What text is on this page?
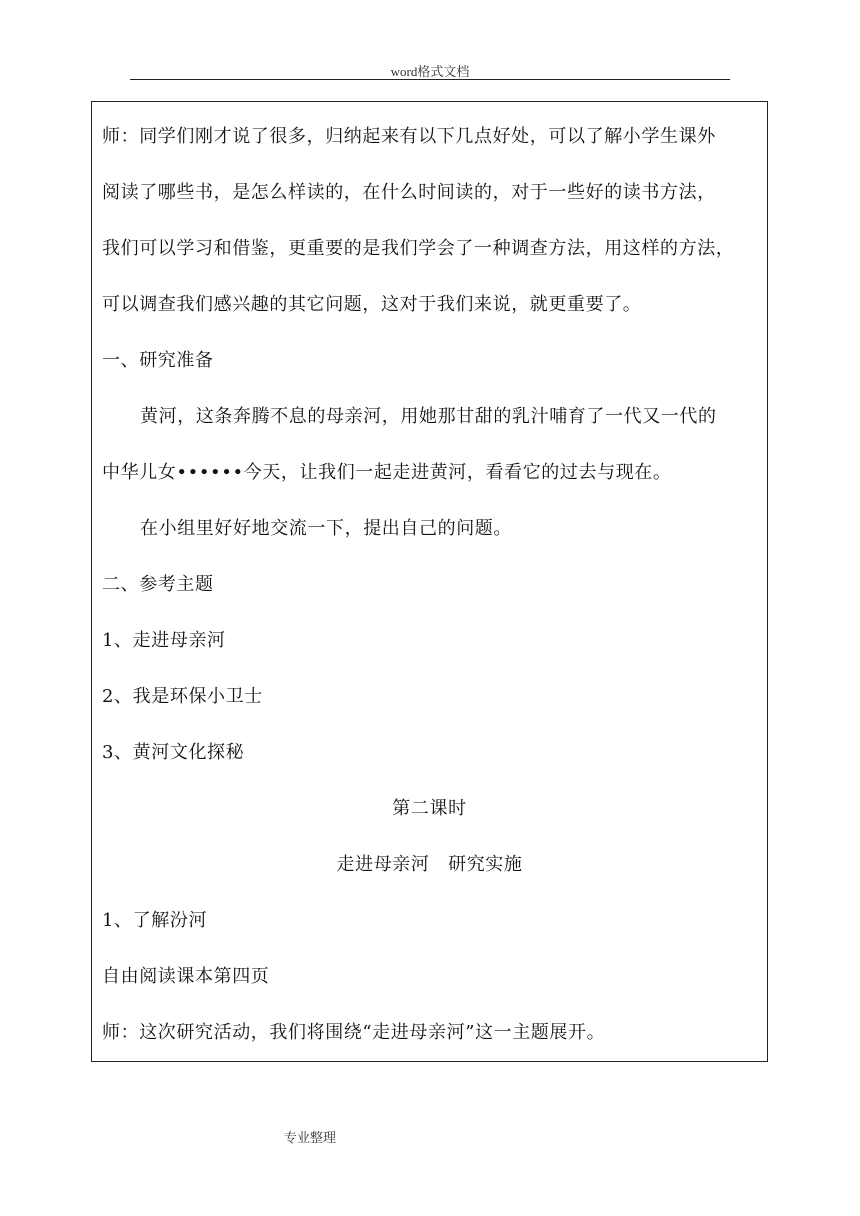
word格式文档
师：同学们刚才说了很多，归纳起来有以下几点好处，可以了解小学生课外
阅读了哪些书，是怎么样读的，在什么时间读的，对于一些好的读书方法，
我们可以学习和借鉴，更重要的是我们学会了一种调查方法，用这样的方法，
可以调查我们感兴趣的其它问题，这对于我们来说，就更重要了。
一、研究准备
黄河，这条奔腾不息的母亲河，用她那甘甜的乳汁哺育了一代又一代的
中华儿女••••••今天，让我们一起走进黄河，看看它的过去与现在。
在小组里好好地交流一下，提出自己的问题。
二、参考主题
1、走进母亲河
2、我是环保小卫士
3、黄河文化探秘
第二课时
走进母亲河　研究实施
1、了解汾河
自由阅读课本第四页
师：这次研究活动，我们将围绕“走进母亲河”这一主题展开。
专业整理
